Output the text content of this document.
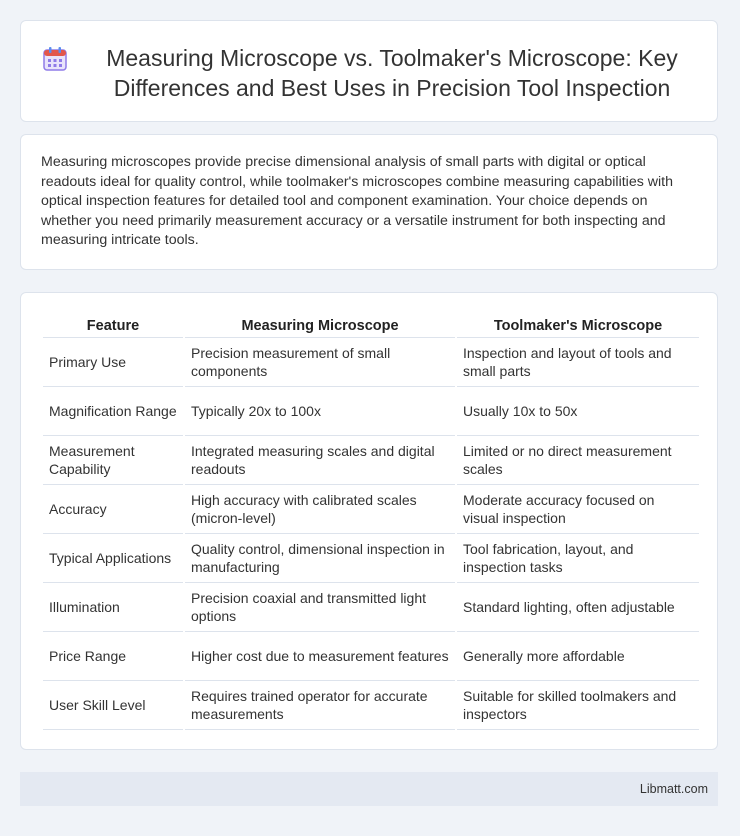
Measuring Microscope vs. Toolmaker's Microscope: Key Differences and Best Uses in Precision Tool Inspection

Measuring microscopes provide precise dimensional analysis of small parts with digital or optical readouts ideal for quality control, while toolmaker's microscopes combine measuring capabilities with optical inspection features for detailed tool and component examination. Your choice depends on whether you need primarily measurement accuracy or a versatile instrument for both inspecting and measuring intricate tools.

Feature	Measuring Microscope	Toolmaker's Microscope
Primary Use	Precision measurement of small components	Inspection and layout of tools and small parts
Magnification Range	Typically 20x to 100x	Usually 10x to 50x
Measurement Capability	Integrated measuring scales and digital readouts	Limited or no direct measurement scales
Accuracy	High accuracy with calibrated scales (micron-level)	Moderate accuracy focused on visual inspection
Typical Applications	Quality control, dimensional inspection in manufacturing	Tool fabrication, layout, and inspection tasks
Illumination	Precision coaxial and transmitted light options	Standard lighting, often adjustable
Price Range	Higher cost due to measurement features	Generally more affordable
User Skill Level	Requires trained operator for accurate measurements	Suitable for skilled toolmakers and inspectors
Libmatt.com
